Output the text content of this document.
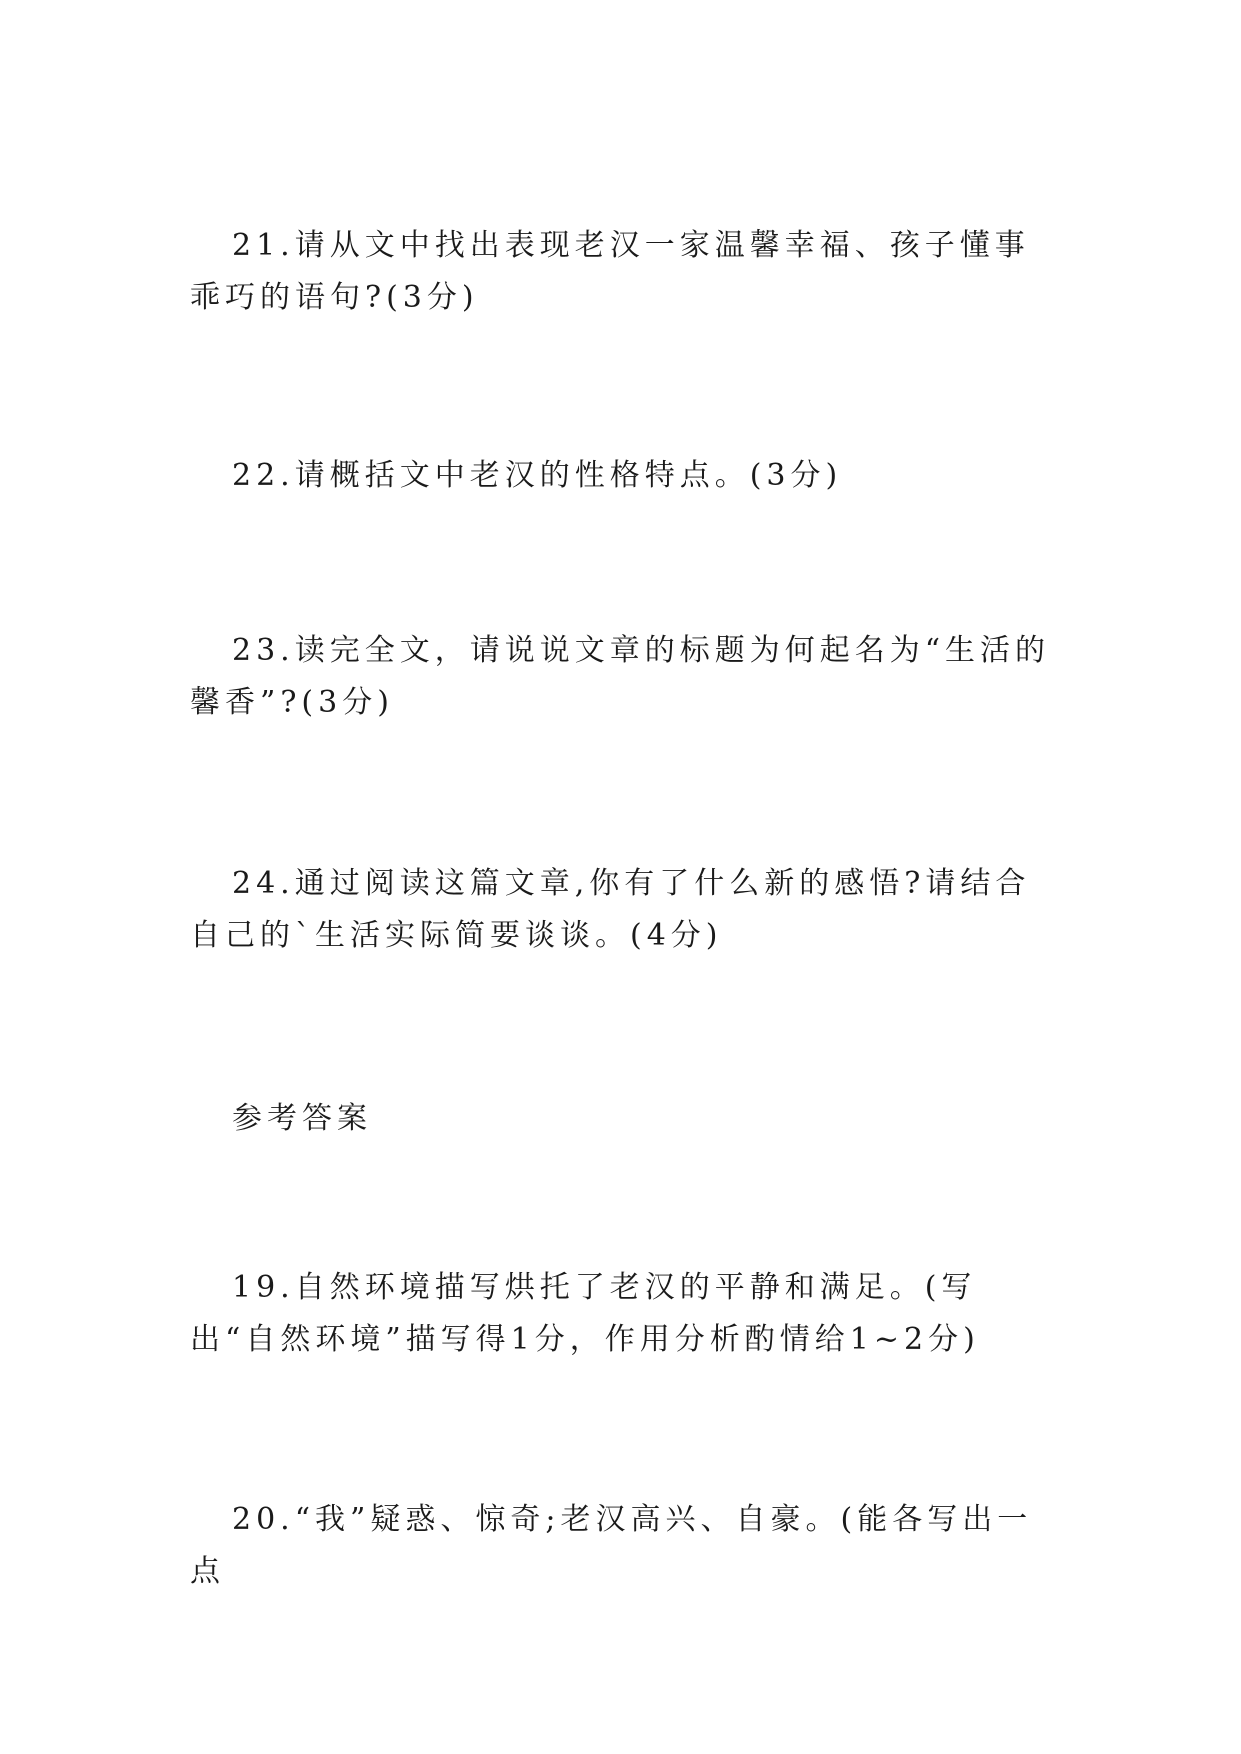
21.请从文中找出表现老汉一家温馨幸福、孩子懂事乖巧的语句?(3分)

22.请概括文中老汉的性格特点。(3分)

23.读完全文，请说说文章的标题为何起名为“生活的馨香”?(3分)

24.通过阅读这篇文章,你有了什么新的感悟?请结合自己的`生活实际简要谈谈。(4分)

参考答案

19.自然环境描写烘托了老汉的平静和满足。(写出“自然环境”描写得1分，作用分析酌情给1~2分)

20.“我”疑惑、惊奇;老汉高兴、自豪。(能各写出一点
